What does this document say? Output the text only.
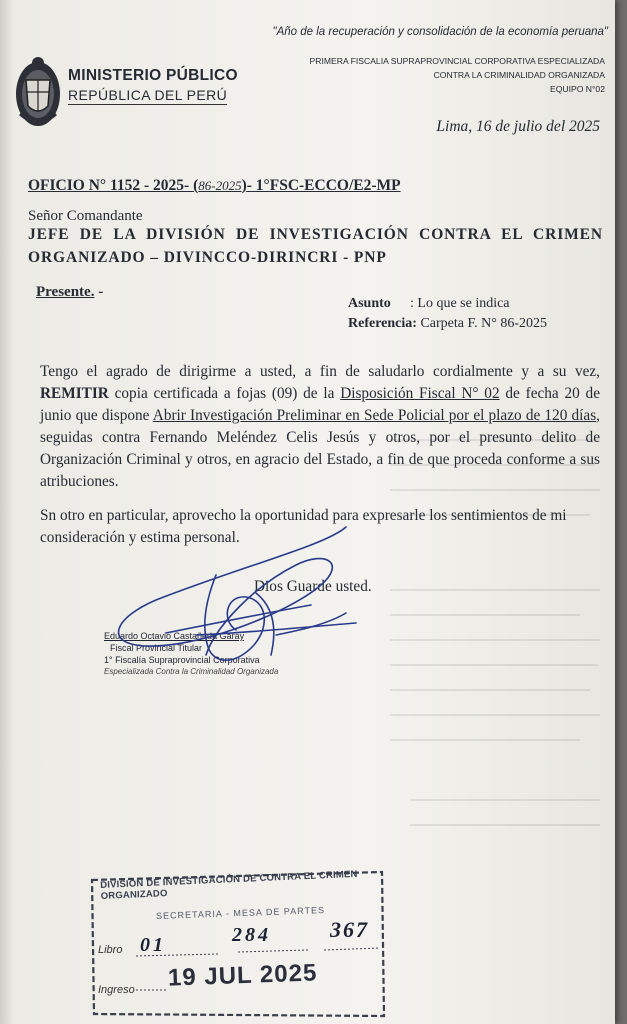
"Año de la recuperación y consolidación de la economía peruana"
PRIMERA FISCALIA SUPRAPROVINCIAL CORPORATIVA ESPECIALIZADA
CONTRA LA CRIMINALIDAD ORGANIZADA
EQUIPO N°02
MINISTERIO PÚBLICO
REPÚBLICA DEL PERÚ
Lima, 16 de julio del 2025
OFICIO N° 1152 - 2025- (86-2025)- 1°FSC-ECCO/E2-MP
Señor Comandante
JEFE DE LA DIVISIÓN DE INVESTIGACIÓN CONTRA EL CRIMEN ORGANIZADO – DIVINCCO-DIRINCRI - PNP
Presente. -
Asunto : Lo que se indica
Referencia: Carpeta F. N° 86-2025
Tengo el agrado de dirigirme a usted, a fin de saludarlo cordialmente y a su vez, REMITIR copia certificada a fojas (09) de la Disposición Fiscal N° 02 de fecha 20 de junio que dispone Abrir Investigación Preliminar en Sede Policial por el plazo de 120 días, seguidas contra Fernando Meléndez Celis Jesús y otros, por el presunto delito de Organización Criminal y otros, en agracio del Estado, a fin de que proceda conforme a sus atribuciones.
Sn otro en particular, aprovecho la oportunidad para expresarle los sentimientos de mi consideración y estima personal.
Dios Guarde usted.
Eduardo Octavio Castañeda Garay
Fiscal Provincial Titular
1° Fiscalía Supraprovincial Corporativa
Especializada Contra la Criminalidad Organizada
DIVISIÓN DE INVESTIGACIÓN DE CONTRA EL CRIMEN ORGANIZADO
SECRETARIA - MESA DE PARTES
Libro 01	284	367
Ingreso 19 JUL 2025
